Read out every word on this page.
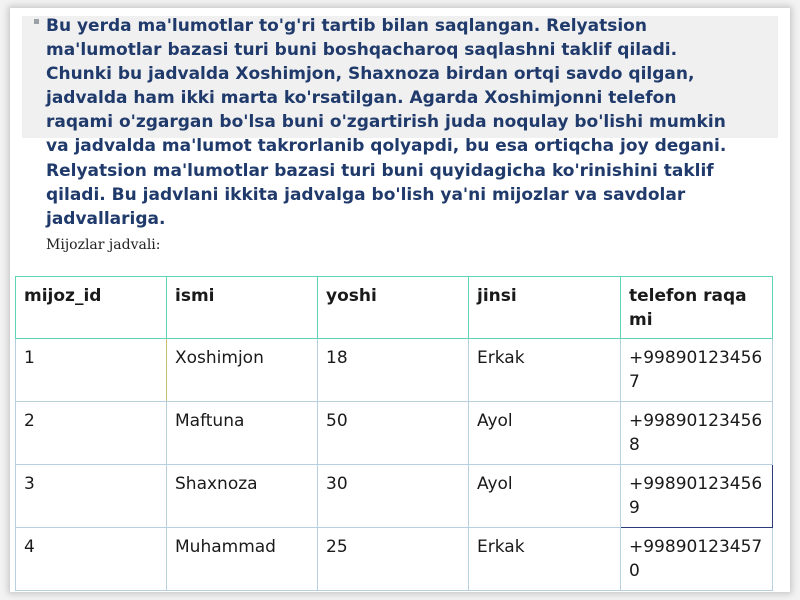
Bu yerda ma'lumotlar to'g'ri tartib bilan saqlangan. Relyatsion ma'lumotlar bazasi turi buni boshqacharoq saqlashni taklif qiladi. Chunki bu jadvalda Xoshimjon, Shaxnoza birdan ortqi savdo qilgan, jadvalda ham ikki marta ko'rsatilgan. Agarda Xoshimjonni telefon raqami o'zgargan bo'lsa buni o'zgartirish juda noqulay bo'lishi mumkin va jadvalda ma'lumot takrorlanib qolyapdi, bu esa ortiqcha joy degani. Relyatsion ma'lumotlar bazasi turi buni quyidagicha ko'rinishini taklif qiladi. Bu jadvlani ikkita jadvalga bo'lish ya'ni mijozlar va savdolar jadvallariga.

Mijozlar jadvali:
mijoz_id	ismi	yoshi	jinsi	telefon raqami
1	Xoshimjon	18	Erkak	+998901234567
2	Maftuna	50	Ayol	+998901234568
3	Shaxnoza	30	Ayol	+998901234569
4	Muhammad	25	Erkak	+998901234570
